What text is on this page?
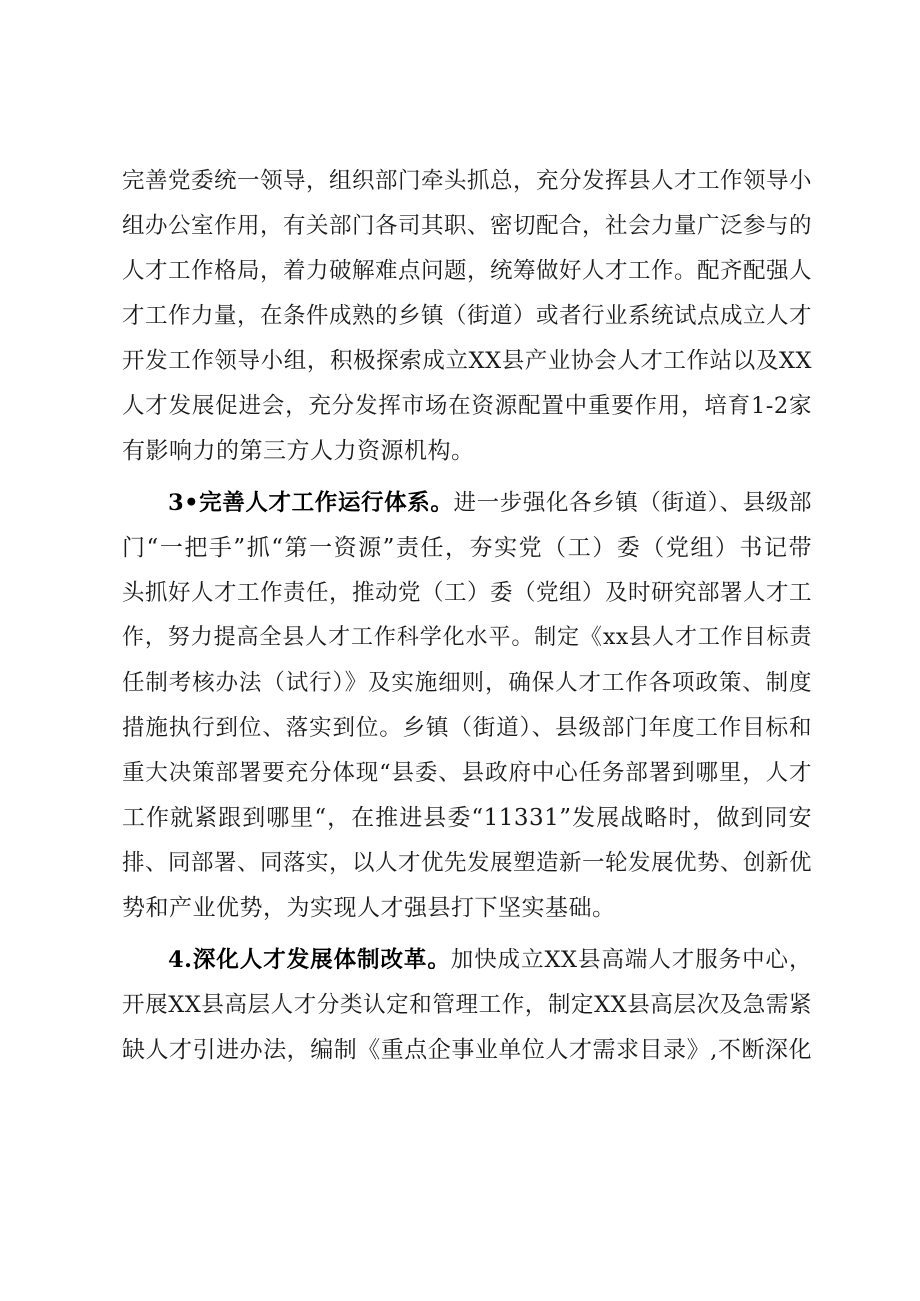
完善党委统一领导，组织部门牵头抓总，充分发挥县人才工作领导小
组办公室作用，有关部门各司其职、密切配合，社会力量广泛参与的
人才工作格局，着力破解难点问题，统筹做好人才工作。配齐配强人
才工作力量，在条件成熟的乡镇（街道）或者行业系统试点成立人才
开发工作领导小组，积极探索成立XX县产业协会人才工作站以及XX
人才发展促进会，充分发挥市场在资源配置中重要作用，培育1-2家
有影响力的第三方人力资源机构。
3•完善人才工作运行体系。进一步强化各乡镇（街道）、县级部
门“一把手”抓“第一资源”责任，夯实党（工）委（党组）书记带
头抓好人才工作责任，推动党（工）委（党组）及时研究部署人才工
作，努力提高全县人才工作科学化水平。制定《xx县人才工作目标责
任制考核办法（试行）》及实施细则，确保人才工作各项政策、制度
措施执行到位、落实到位。乡镇（街道）、县级部门年度工作目标和
重大决策部署要充分体现“县委、县政府中心任务部署到哪里，人才
工作就紧跟到哪里“，在推进县委“11331”发展战略时，做到同安
排、同部署、同落实，以人才优先发展塑造新一轮发展优势、创新优
势和产业优势，为实现人才强县打下坚实基础。
4.深化人才发展体制改革。加快成立XX县高端人才服务中心，
开展XX县高层人才分类认定和管理工作，制定XX县高层次及急需紧
缺人才引进办法，编制《重点企事业单位人才需求目录》,不断深化
